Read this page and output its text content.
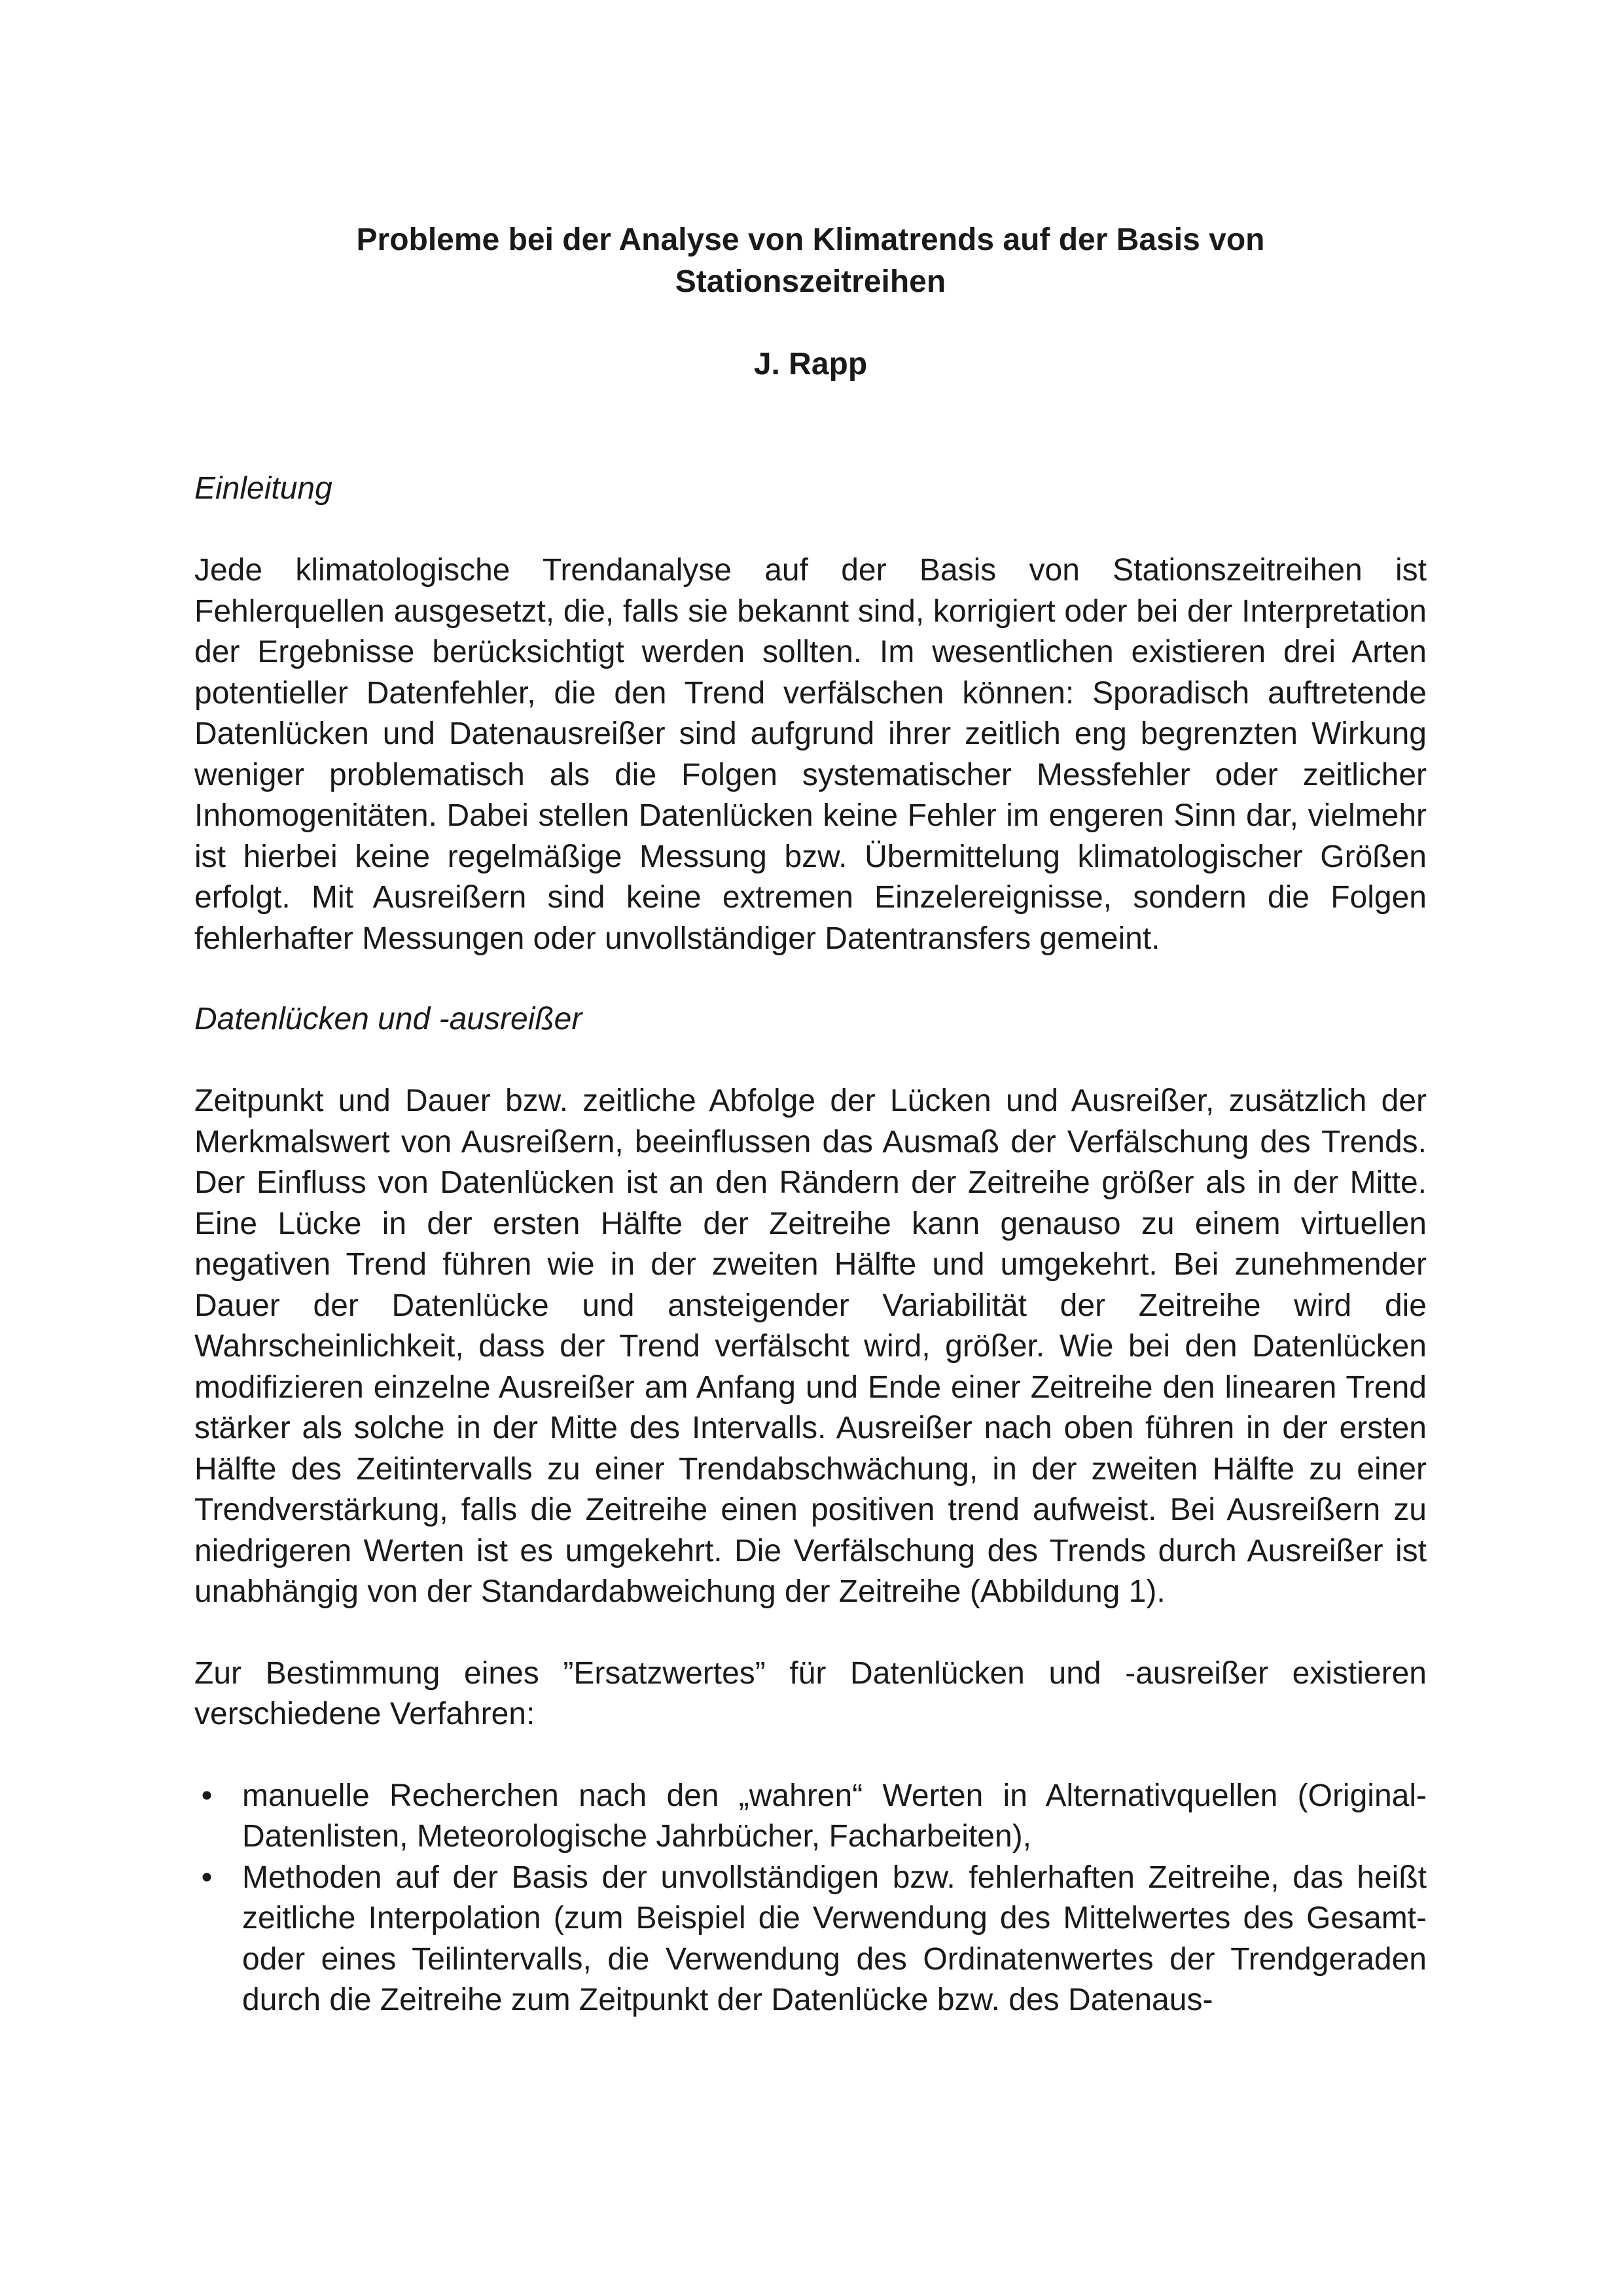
Probleme bei der Analyse von Klimatrends auf der Basis von
Stationszeitreihen
J. Rapp
Einleitung

Jede klimatologische Trendanalyse auf der Basis von Stationszeitreihen ist Fehlerquellen ausgesetzt, die, falls sie bekannt sind, korrigiert oder bei der Interpretation der Ergebnisse berücksichtigt werden sollten. Im wesentlichen existieren drei Arten potentieller Datenfehler, die den Trend verfälschen können: Sporadisch auftretende Datenlücken und Datenausreißer sind aufgrund ihrer zeitlich eng begrenzten Wirkung weniger problematisch als die Folgen systematischer Messfehler oder zeitlicher Inhomogenitäten. Dabei stellen Datenlücken keine Fehler im engeren Sinn dar, vielmehr ist hierbei keine regelmäßige Messung bzw. Übermittelung klimatologischer Größen erfolgt. Mit Ausreißern sind keine extremen Einzelereignisse, sondern die Folgen fehlerhafter Messungen oder unvollständiger Datentransfers gemeint.

Datenlücken und -ausreißer

Zeitpunkt und Dauer bzw. zeitliche Abfolge der Lücken und Ausreißer, zusätzlich der Merkmalswert von Ausreißern, beeinflussen das Ausmaß der Verfälschung des Trends. Der Einfluss von Datenlücken ist an den Rändern der Zeitreihe größer als in der Mitte. Eine Lücke in der ersten Hälfte der Zeitreihe kann genauso zu einem virtuellen negativen Trend führen wie in der zweiten Hälfte und umgekehrt. Bei zunehmender Dauer der Datenlücke und ansteigender Variabilität der Zeitreihe wird die Wahrscheinlichkeit, dass der Trend verfälscht wird, größer. Wie bei den Datenlücken modifizieren einzelne Ausreißer am Anfang und Ende einer Zeitreihe den linearen Trend stärker als solche in der Mitte des Intervalls. Ausreißer nach oben führen in der ersten Hälfte des Zeitintervalls zu einer Trendabschwächung, in der zweiten Hälfte zu einer Trendverstärkung, falls die Zeitreihe einen positiven trend aufweist. Bei Ausreißern zu niedrigeren Werten ist es umgekehrt. Die Verfälschung des Trends durch Ausreißer ist unabhängig von der Standardabweichung der Zeitreihe (Abbildung 1).

Zur Bestimmung eines ”Ersatzwertes” für Datenlücken und -ausreißer existieren verschiedene Verfahren:

• manuelle Recherchen nach den „wahren“ Werten in Alternativquellen (Original-Datenlisten, Meteorologische Jahrbücher, Facharbeiten),
• Methoden auf der Basis der unvollständigen bzw. fehlerhaften Zeitreihe, das heißt zeitliche Interpolation (zum Beispiel die Verwendung des Mittelwertes des Gesamt- oder eines Teilintervalls, die Verwendung des Ordinatenwertes der Trendgeraden durch die Zeitreihe zum Zeitpunkt der Datenlücke bzw. des Datenaus-
